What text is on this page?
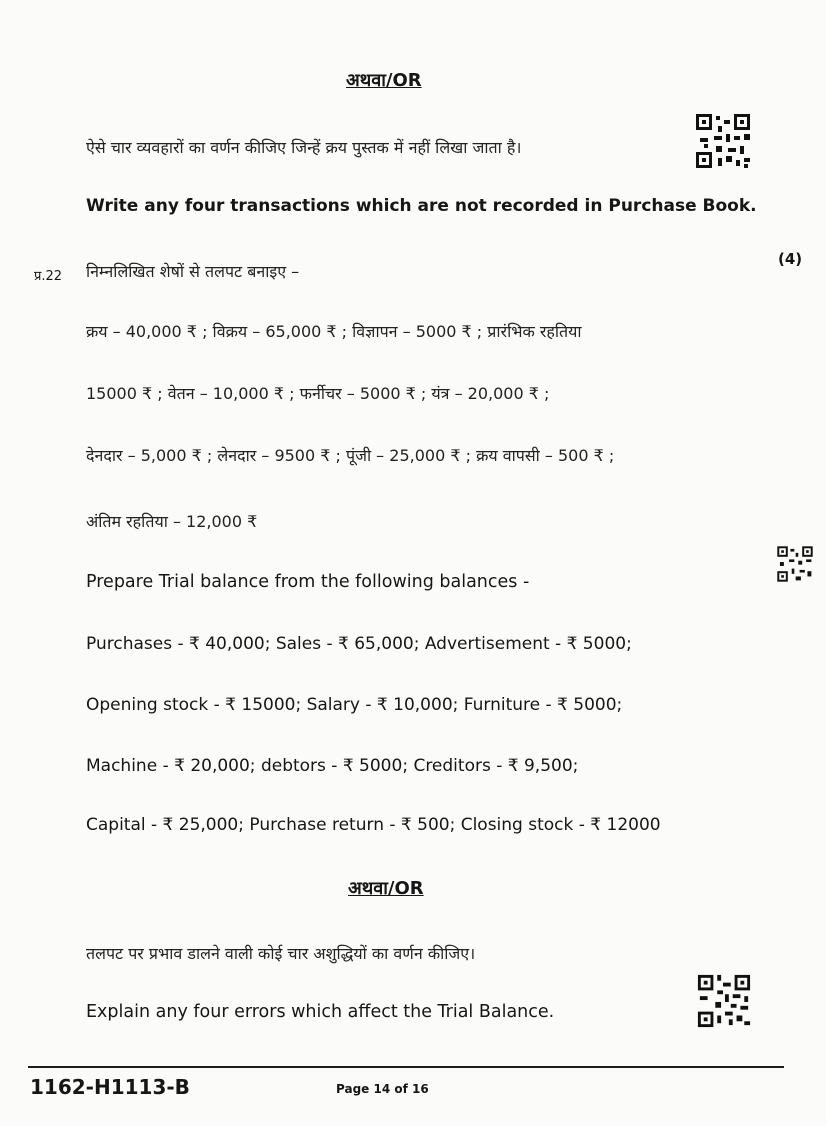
अथवा/OR

ऐसे चार व्यवहारों का वर्णन कीजिए जिन्हें क्रय पुस्तक में नहीं लिखा जाता है।

Write any four transactions which are not recorded in Purchase Book.

प्र.22

(4)

निम्नलिखित शेषों से तलपट बनाइए –

क्रय – 40,000 ₹ ; विक्रय – 65,000 ₹ ; विज्ञापन – 5000 ₹ ; प्रारंभिक रहतिया

15000 ₹ ; वेतन – 10,000 ₹ ; फर्नीचर – 5000 ₹ ; यंत्र – 20,000 ₹ ;

देनदार – 5,000 ₹ ; लेनदार – 9500 ₹ ; पूंजी – 25,000 ₹ ; क्रय वापसी – 500 ₹ ;

अंतिम रहतिया – 12,000 ₹

Prepare Trial balance from the following balances -

Purchases - ₹ 40,000; Sales - ₹ 65,000; Advertisement - ₹ 5000;

Opening stock - ₹ 15000; Salary - ₹ 10,000; Furniture - ₹ 5000;

Machine - ₹ 20,000; debtors - ₹ 5000; Creditors - ₹ 9,500;

Capital - ₹ 25,000; Purchase return - ₹ 500; Closing stock - ₹ 12000

अथवा/OR

तलपट पर प्रभाव डालने वाली कोई चार अशुद्धियों का वर्णन कीजिए।

Explain any four errors which affect the Trial Balance.

1162-H1113-B	Page 14 of 16
